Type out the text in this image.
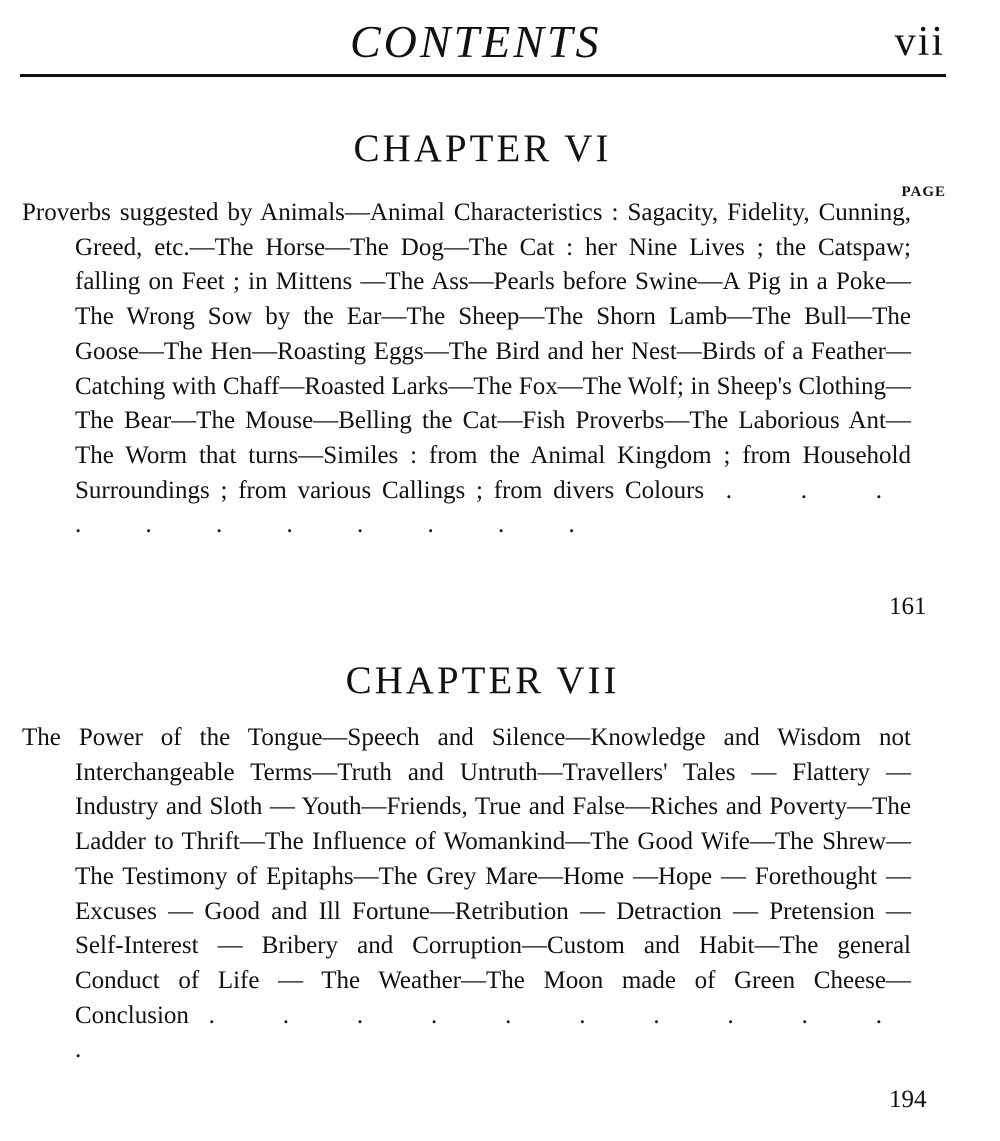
CONTENTS	vii
CHAPTER VI
PAGE

Proverbs suggested by Animals—Animal Characteristics : Sagacity, Fidelity, Cunning, Greed, etc.—The Horse—The Dog—The Cat : her Nine Lives ; the Catspaw; falling on Feet ; in Mittens —The Ass—Pearls before Swine—A Pig in a Poke—The Wrong Sow by the Ear—The Sheep—The Shorn Lamb—The Bull—The Goose—The Hen—Roasting Eggs—The Bird and her Nest—Birds of a Feather—Catching with Chaff—Roasted Larks—The Fox—The Wolf; in Sheep's Clothing—The Bear—The Mouse—Belling the Cat—Fish Proverbs—The Laborious Ant—The Worm that turns—Similes : from the Animal Kingdom ; from Household Surroundings ; from various Callings ; from divers Colours . . . . . . . . . . .

161
CHAPTER VII

The Power of the Tongue—Speech and Silence—Knowledge and Wisdom not Interchangeable Terms—Truth and Untruth—Travellers' Tales — Flattery — Industry and Sloth — Youth—Friends, True and False—Riches and Poverty—The Ladder to Thrift—The Influence of Womankind—The Good Wife—The Shrew—The Testimony of Epitaphs—The Grey Mare—Home —Hope — Forethought — Excuses — Good and Ill Fortune—Retribution — Detraction — Pretension — Self-Interest — Bribery and Corruption—Custom and Habit—The general Conduct of Life — The Weather—The Moon made of Green Cheese—Conclusion . . . . . . . . . . .

194
